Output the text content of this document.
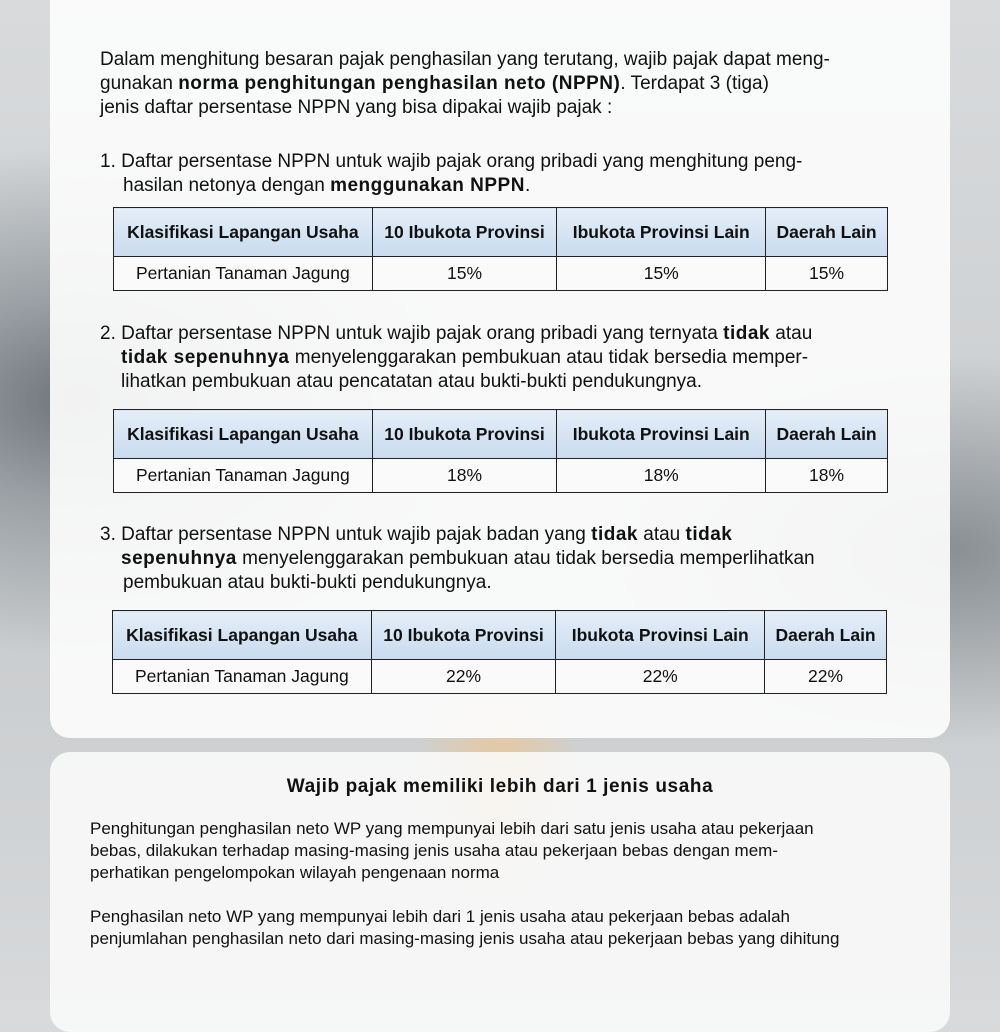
Dalam menghitung besaran pajak penghasilan yang terutang, wajib pajak dapat meng-
gunakan norma penghitungan penghasilan neto (NPPN). Terdapat 3 (tiga)
jenis daftar persentase NPPN yang bisa dipakai wajib pajak :
1. Daftar persentase NPPN untuk wajib pajak orang pribadi yang menghitung peng-
hasilan netonya dengan menggunakan NPPN.
Klasifikasi Lapangan Usaha	10 Ibukota Provinsi	Ibukota Provinsi Lain	Daerah Lain
Pertanian Tanaman Jagung	15%	15%	15%
2. Daftar persentase NPPN untuk wajib pajak orang pribadi yang ternyata tidak atau
tidak sepenuhnya menyelenggarakan pembukuan atau tidak bersedia memper-
lihatkan pembukuan atau pencatatan atau bukti-bukti pendukungnya.
Klasifikasi Lapangan Usaha	10 Ibukota Provinsi	Ibukota Provinsi Lain	Daerah Lain
Pertanian Tanaman Jagung	18%	18%	18%
3. Daftar persentase NPPN untuk wajib pajak badan yang tidak atau tidak
sepenuhnya menyelenggarakan pembukuan atau tidak bersedia memperlihatkan
pembukuan atau bukti-bukti pendukungnya.
Klasifikasi Lapangan Usaha	10 Ibukota Provinsi	Ibukota Provinsi Lain	Daerah Lain
Pertanian Tanaman Jagung	22%	22%	22%
Wajib pajak memiliki lebih dari 1 jenis usaha
Penghitungan penghasilan neto WP yang mempunyai lebih dari satu jenis usaha atau pekerjaan
bebas, dilakukan terhadap masing-masing jenis usaha atau pekerjaan bebas dengan mem-
perhatikan pengelompokan wilayah pengenaan norma
Penghasilan neto WP yang mempunyai lebih dari 1 jenis usaha atau pekerjaan bebas adalah
penjumlahan penghasilan neto dari masing-masing jenis usaha atau pekerjaan bebas yang dihitung
